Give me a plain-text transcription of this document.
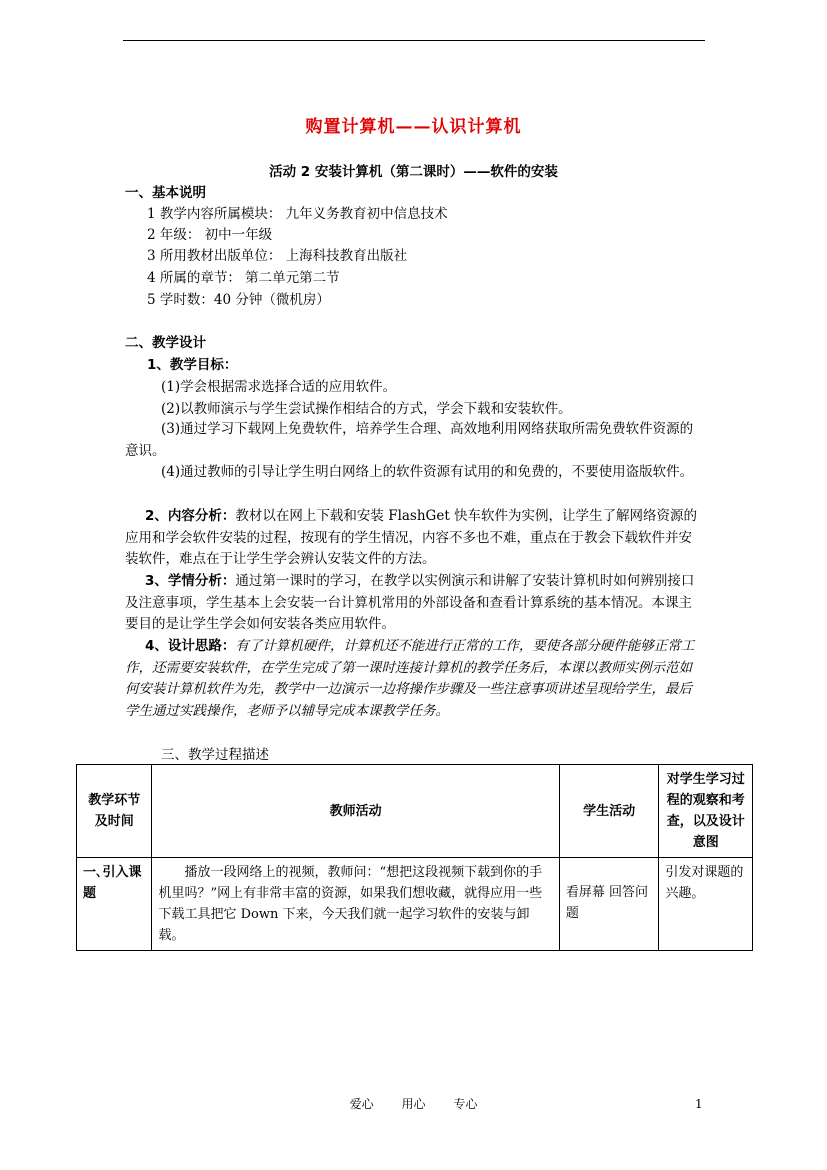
购置计算机——认识计算机
活动 2 安装计算机（第二课时）——软件的安装
一、基本说明
1 教学内容所属模块： 九年义务教育初中信息技术
2 年级： 初中一年级
3 所用教材出版单位： 上海科技教育出版社
4 所属的章节： 第二单元第二节
5 学时数：40 分钟（微机房）
二、教学设计
1、教学目标：
(1)学会根据需求选择合适的应用软件。
(2)以教师演示与学生尝试操作相结合的方式，学会下载和安装软件。
(3)通过学习下载网上免费软件，培养学生合理、高效地利用网络获取所需免费软件资源的意识。
(4)通过教师的引导让学生明白网络上的软件资源有试用的和免费的，不要使用盗版软件。
2、内容分析：教材以在网上下载和安装 FlashGet 快车软件为实例，让学生了解网络资源的应用和学会软件安装的过程，按现有的学生情况，内容不多也不难，重点在于教会下载软件并安装软件，难点在于让学生学会辨认安装文件的方法。
3、学情分析：通过第一课时的学习，在教学以实例演示和讲解了安装计算机时如何辨别接口及注意事项，学生基本上会安装一台计算机常用的外部设备和查看计算系统的基本情况。本课主要目的是让学生学会如何安装各类应用软件。
4、设计思路：有了计算机硬件，计算机还不能进行正常的工作，要使各部分硬件能够正常工作，还需要安装软件，在学生完成了第一课时连接计算机的教学任务后，本课以教师实例示范如何安装计算机软件为先，教学中一边演示一边将操作步骤及一些注意事项讲述呈现给学生，最后学生通过实践操作，老师予以辅导完成本课教学任务。
三、教学过程描述
教学环节及时间	教师活动	学生活动	对学生学习过程的观察和考查，以及设计意图
一､引入课题	播放一段网络上的视频，教师问：“想把这段视频下载到你的手机里吗？”网上有非常丰富的资源，如果我们想收藏，就得应用一些下载工具把它 Down 下来，今天我们就一起学习软件的安装与卸载。	看屏幕 回答问题	引发对课题的兴趣。
爱心 用心 专心	1
